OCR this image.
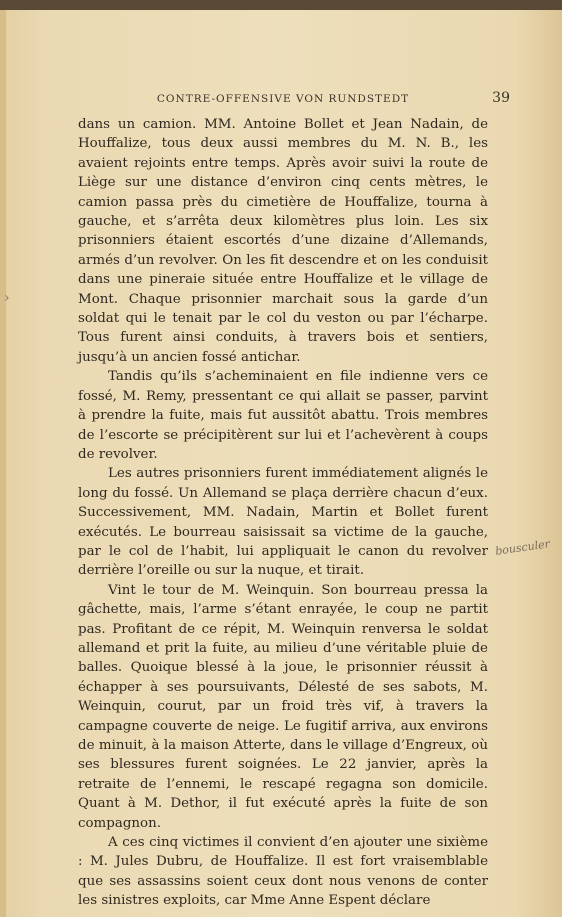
CONTRE-OFFENSIVE VON RUNDSTEDT	39

dans un camion. MM. Antoine Bollet et Jean Nadain, de Houffalize, tous deux aussi membres du M. N. B., les avaient rejoints entre temps. Après avoir suivi la route de Liège sur une distance d’environ cinq cents mètres, le camion passa près du cimetière de Houffalize, tourna à gauche, et s’arrêta deux kilomètres plus loin. Les six prisonniers étaient escortés d’une dizaine d’Allemands, armés d’un revolver. On les fit descendre et on les conduisit dans une pineraie située entre Houffalize et le village de Mont. Chaque prisonnier marchait sous la garde d’un soldat qui le tenait par le col du veston ou par l’écharpe. Tous furent ainsi conduits, à travers bois et sentiers, jusqu’à un ancien fossé antichar.

Tandis qu’ils s’acheminaient en file indienne vers ce fossé, M. Remy, pressentant ce qui allait se passer, parvint à prendre la fuite, mais fut aussitôt abattu. Trois membres de l’escorte se précipitèrent sur lui et l’achevèrent à coups de revolver.

Les autres prisonniers furent immédiatement alignés le long du fossé. Un Allemand se plaça derrière chacun d’eux. Successivement, MM. Nadain, Martin et Bollet furent exécutés. Le bourreau saisissait sa victime de la gauche, par le col de l’habit, lui appliquait le canon du revolver derrière l’oreille ou sur la nuque, et tirait.

Vint le tour de M. Weinquin. Son bourreau pressa la gâchette, mais, l’arme s’étant enrayée, le coup ne partit pas. Profitant de ce répit, M. Weinquin renversa le soldat allemand et prit la fuite, au milieu d’une véritable pluie de balles. Quoique blessé à la joue, le prisonnier réussit à échapper à ses poursuivants, Délesté de ses sabots, M. Weinquin, courut, par un froid très vif, à travers la campagne couverte de neige. Le fugitif arriva, aux environs de minuit, à la maison Atterte, dans le village d’Engreux, où ses blessures furent soignées. Le 22 janvier, après la retraite de l’ennemi, le rescapé regagna son domicile. Quant à M. Dethor, il fut exécuté après la fuite de son compagnon.

A ces cinq victimes il convient d’en ajouter une sixième : M. Jules Dubru, de Houffalize. Il est fort vraisemblable que ses assassins soient ceux dont nous venons de conter les sinistres exploits, car Mme Anne Espent déclare

bousculer
›
